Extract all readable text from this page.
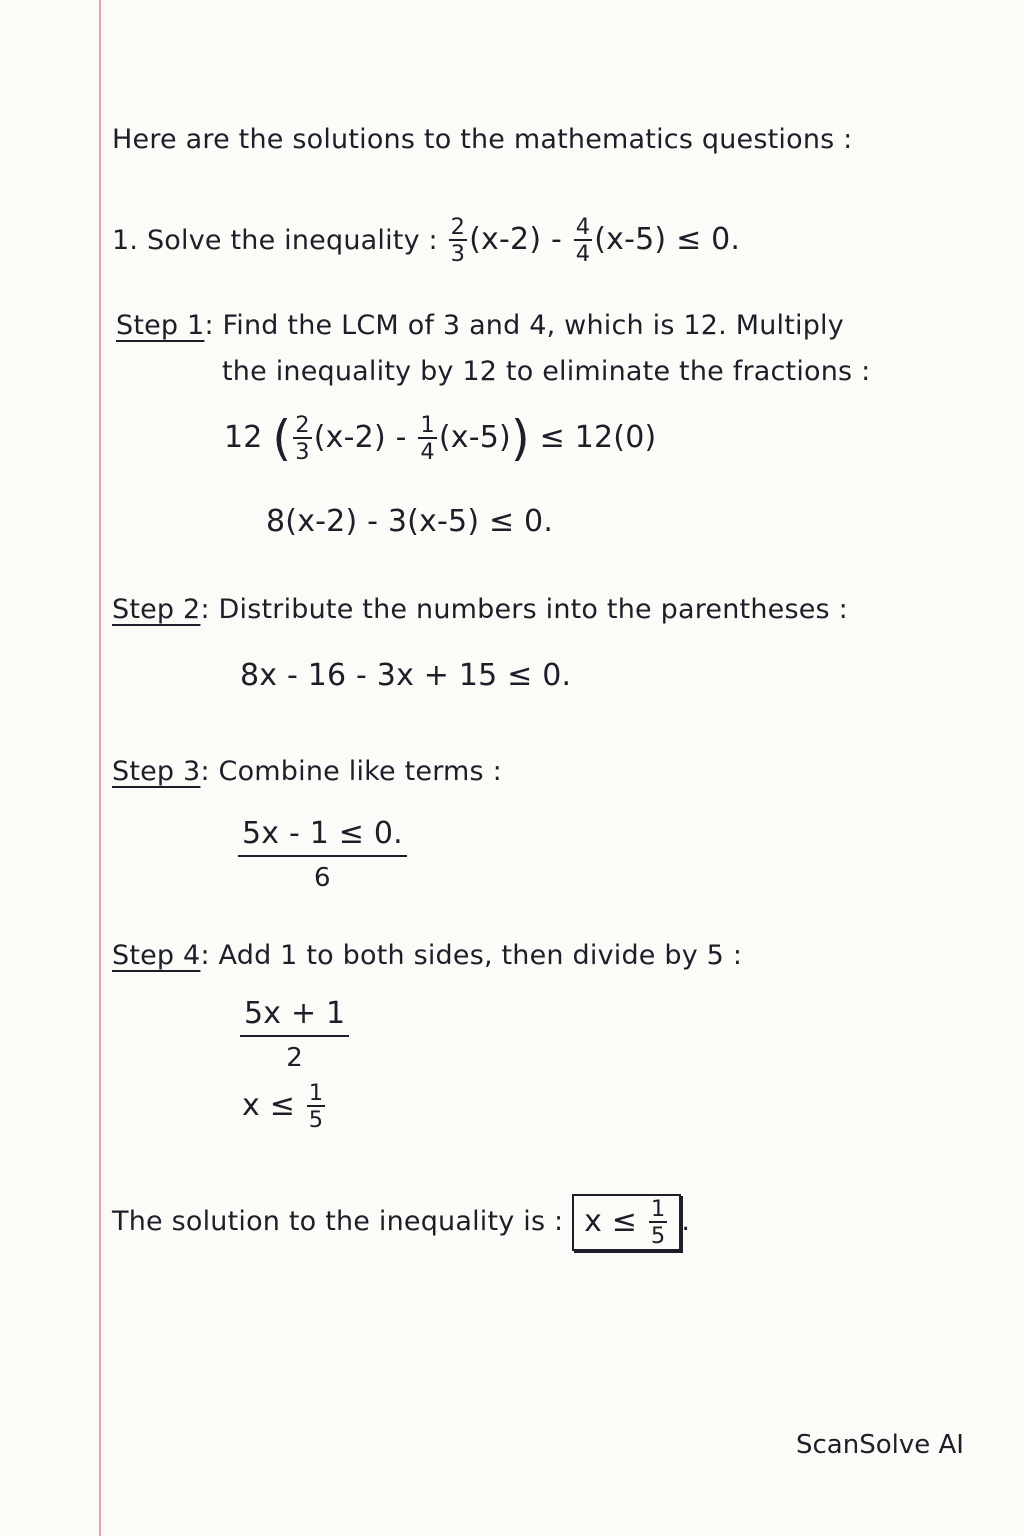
Here are the solutions to the mathematics questions :
1. Solve the inequality : $\frac{2}{3} (x-2) - \frac{4}{4} (x-5) \le 0$.
Step 1: Find the LCM of 3 and 4, which is 12. Multiply
the inequality by 12 to eliminate the fractions :
12 ( $\frac{2}{3} (x-2) - \frac{1}{4} (x-5)) \le 12(0)$
8(x-2) - 3(x-5) ≤ 0.
Step 2: Distribute the numbers into the parentheses :
8x - 16 - 3x + 15 ≤ 0.
Step 3: Combine like terms :
$\frac{5x - 1 \le 0.}{6}$
Step 4: Add 1 to both sides, then divide by 5 :
$\frac{5x + 1}{2}$
$x \le \frac{1}{5}$
The solution to the inequality is : $x \le \frac{1}{5}$ .
ScanSolve AI
